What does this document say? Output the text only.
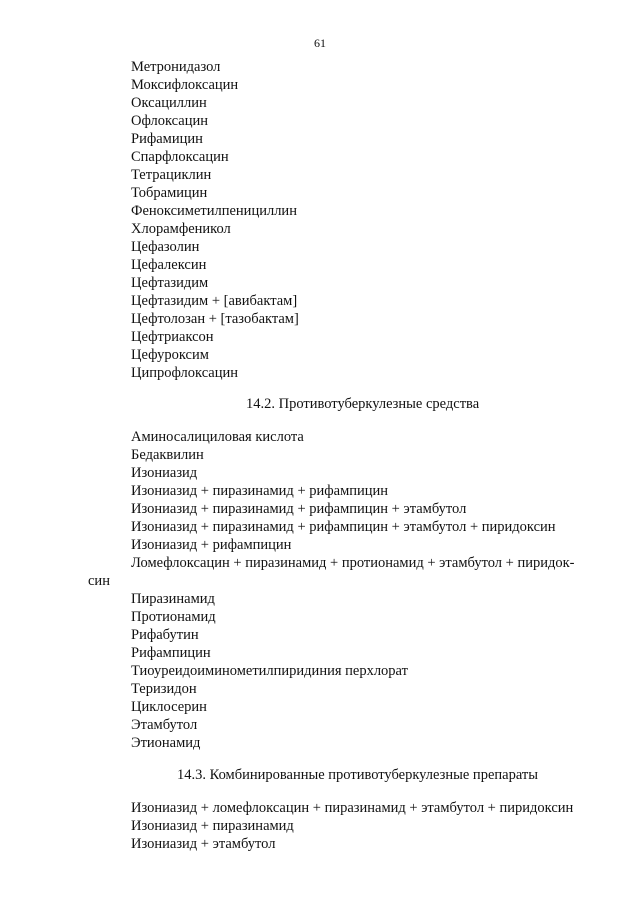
61
Метронидазол
Моксифлоксацин
Оксациллин
Офлоксацин
Рифамицин
Спарфлоксацин
Тетрациклин
Тобрамицин
Феноксиметилпенициллин
Хлорамфеникол
Цефазолин
Цефалексин
Цефтазидим
Цефтазидим + [авибактам]
Цефтолозан + [тазобактам]
Цефтриаксон
Цефуроксим
Ципрофлоксацин
14.2. Противотуберкулезные средства
Аминосалициловая кислота
Бедаквилин
Изониазид
Изониазид + пиразинамид + рифампицин
Изониазид + пиразинамид + рифампицин + этамбутол
Изониазид + пиразинамид + рифампицин + этамбутол + пиридоксин
Изониазид + рифампицин
Ломефлоксацин + пиразинамид + протионамид + этамбутол + пиридок-
син
Пиразинамид
Протионамид
Рифабутин
Рифампицин
Тиоуреидоиминометилпиридиния перхлорат
Теризидон
Циклосерин
Этамбутол
Этионамид
14.3. Комбинированные противотуберкулезные препараты
Изониазид + ломефлоксацин + пиразинамид + этамбутол + пиридоксин
Изониазид + пиразинамид
Изониазид + этамбутол
